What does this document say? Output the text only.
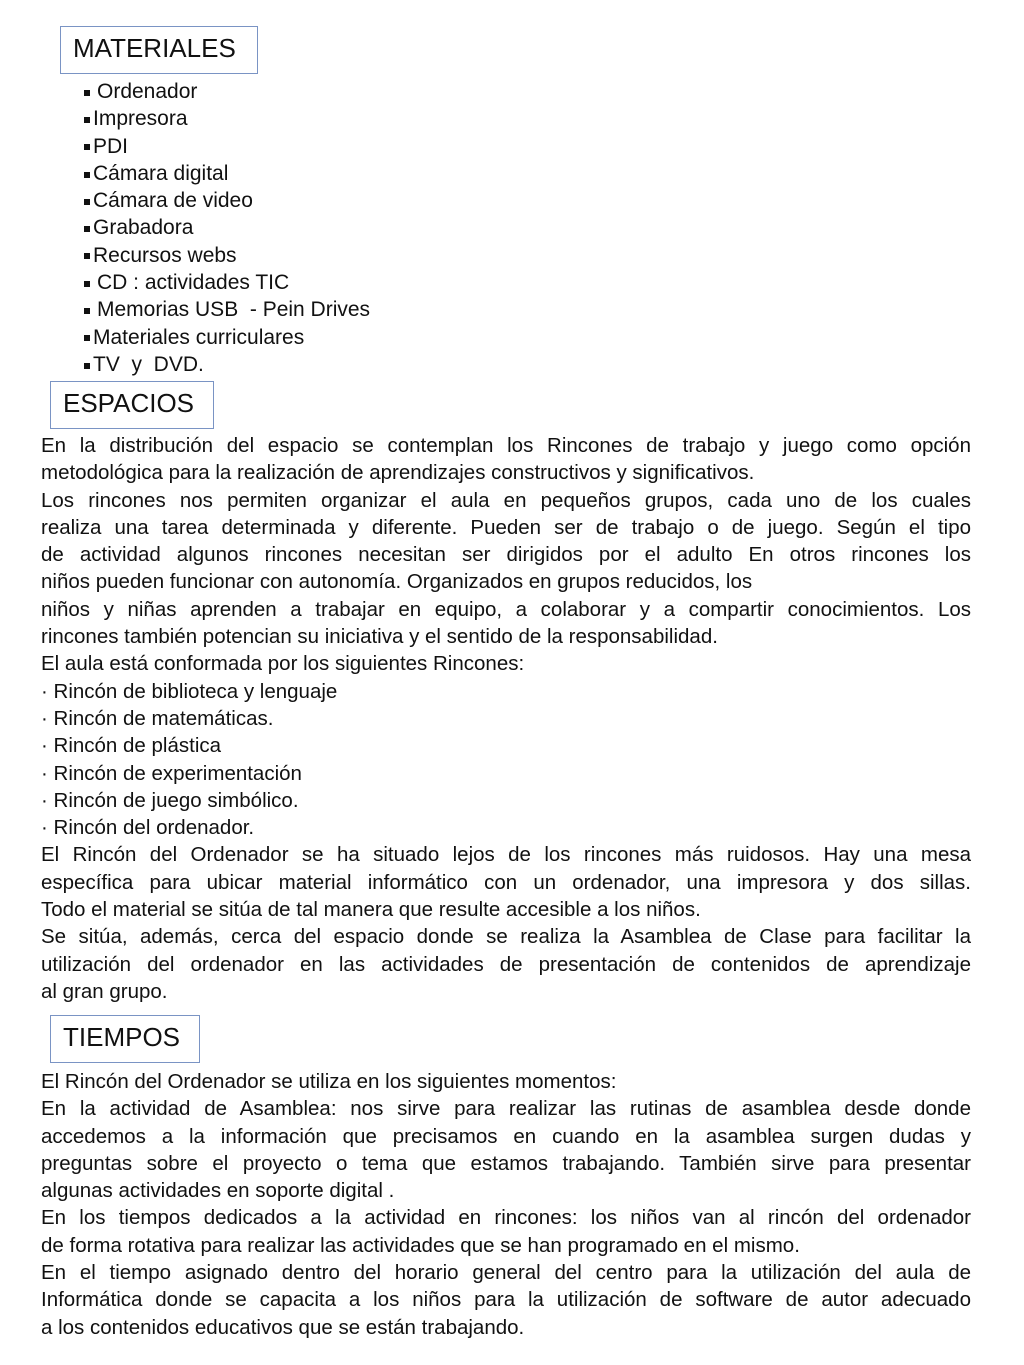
MATERIALES
Ordenador
Impresora
PDI
Cámara digital
Cámara de video
Grabadora
Recursos webs
CD : actividades TIC
Memorias USB  - Pein Drives
Materiales curriculares
TV  y  DVD.
ESPACIOS

En la distribución del espacio se contemplan los Rincones de trabajo y juego como opción

metodológica para la realización de aprendizajes constructivos y significativos.

Los rincones nos permiten organizar el aula en pequeños grupos, cada uno de los cuales

realiza una tarea determinada y diferente. Pueden ser de trabajo o de juego. Según el tipo

de actividad algunos rincones necesitan ser dirigidos por el adulto En otros rincones los

niños pueden funcionar con autonomía. Organizados en grupos reducidos, los

niños y niñas aprenden a trabajar en equipo, a colaborar y a compartir conocimientos. Los

rincones también potencian su iniciativa y el sentido de la responsabilidad.

El aula está conformada por los siguientes Rincones:

· Rincón de biblioteca y lenguaje

· Rincón de matemáticas.

· Rincón de plástica

· Rincón de experimentación

· Rincón de juego simbólico.

· Rincón del ordenador.

El Rincón del Ordenador se ha situado lejos de los rincones más ruidosos. Hay una mesa

específica para ubicar material informático con un ordenador, una impresora y dos sillas.

Todo el material se sitúa de tal manera que resulte accesible a los niños.

Se sitúa, además, cerca del espacio donde se realiza la Asamblea de Clase para facilitar la

utilización del ordenador en las actividades de presentación de contenidos de aprendizaje

al gran grupo.

TIEMPOS

El Rincón del Ordenador se utiliza en los siguientes momentos:

En la actividad de Asamblea: nos sirve para realizar las rutinas de asamblea desde donde

accedemos a la información que precisamos en cuando en la asamblea surgen dudas y

preguntas sobre el proyecto o tema que estamos trabajando. También sirve para presentar

algunas actividades en soporte digital .

En los tiempos dedicados a la actividad en rincones: los niños van al rincón del ordenador

de forma rotativa para realizar las actividades que se han programado en el mismo.

En el tiempo asignado dentro del horario general del centro para la utilización del aula de

Informática donde se capacita a los niños para la utilización de software de autor adecuado

a los contenidos educativos que se están trabajando.
